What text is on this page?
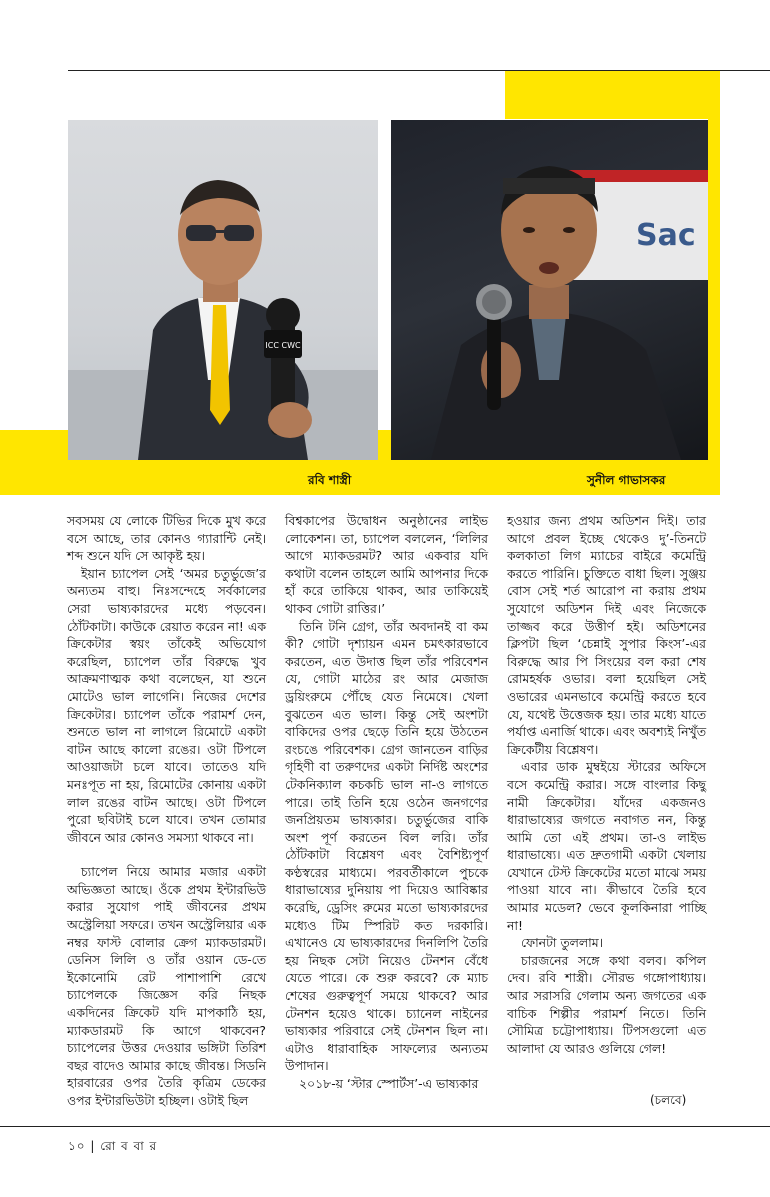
ICC CWC
Sac
রবি শাস্ত্রী	সুনীল গাভাসকর

সবসময় যে লোকে টিভির দিকে মুখ করে বসে আছে, তার কোনও গ্যারান্টি নেই। শব্দ শুনে যদি সে আকৃষ্ট হয়।

ইয়ান চ্যাপেল সেই ‘অমর চতুর্ভুজে’র অন্যতম বাহু। নিঃসন্দেহে সর্বকালের সেরা ভাষ্যকারদের মধ্যে পড়বেন। ঠোঁটকাটা। কাউকে রেয়াত করেন না! এক ক্রিকেটার স্বয়ং তাঁকেই অভিযোগ করেছিল, চ্যাপেল তাঁর বিরুদ্ধে খুব আক্রমণাত্মক কথা বলেছেন, যা শুনে মোটেও ভাল লাগেনি। নিজের দেশের ক্রিকেটার। চ্যাপেল তাঁকে পরামর্শ দেন, শুনতে ভাল না লাগলে রিমোটে একটা বাটন আছে কালো রঙের। ওটা টিপলে আওয়াজটা চলে যাবে। তাতেও যদি মনঃপূত না হয়, রিমোটের কোনায় একটা লাল রঙের বাটন আছে। ওটা টিপলে পুরো ছবিটাই চলে যাবে। তখন তোমার জীবনে আর কোনও সমস্যা থাকবে না।

চ্যাপেল নিয়ে আমার মজার একটা অভিজ্ঞতা আছে। ওঁকে প্রথম ইন্টারভিউ করার সুযোগ পাই জীবনের প্রথম অস্ট্রেলিয়া সফরে। তখন অস্ট্রেলিয়ার এক নম্বর ফাস্ট বোলার ক্রেগ ম্যাকডারমট। ডেনিস লিলি ও তাঁর ওয়ান ডে-তে ইকোনোমি রেট পাশাপাশি রেখে চ্যাপেলকে জিজ্ঞেস করি নিছক একদিনের ক্রিকেট যদি মাপকাঠি হয়, ম্যাকডারমট কি আগে থাকবেন? চ্যাপেলের উত্তর দেওয়ার ভঙ্গিটা তিরিশ বছর বাদেও আমার কাছে জীবন্ত। সিডনি হারবারের ওপর তৈরি কৃত্রিম ডেকের ওপর ইন্টারভিউটা হচ্ছিল। ওটাই ছিল

বিশ্বকাপের উদ্বোধন অনুষ্ঠানের লাইভ লোকেশন। তা, চ্যাপেল বললেন, ‘লিলির আগে ম্যাকডরমট? আর একবার যদি কথাটা বলেন তাহলে আমি আপনার দিকে হাঁ করে তাকিয়ে থাকব, আর তাকিয়েই থাকব গোটা রাত্তির।’

তিনি টনি গ্রেগ, তাঁর অবদানই বা কম কী? গোটা দৃশ্যায়ন এমন চমৎকারভাবে করতেন, এত উদাত্ত ছিল তাঁর পরিবেশন যে, গোটা মাঠের রং আর মেজাজ ড্রয়িংরুমে পৌঁছে যেত নিমেষে। খেলা বুঝতেন এত ভাল। কিন্তু সেই অংশটা বাকিদের ওপর ছেড়ে তিনি হয়ে উঠতেন রংচঙে পরিবেশক। গ্রেগ জানতেন বাড়ির গৃহিণী বা তরুণদের একটা নির্দিষ্ট অংশের টেকনিক্যাল কচকচি ভাল না-ও লাগতে পারে। তাই তিনি হয়ে ওঠেন জনগণের জনপ্রিয়তম ভাষ্যকার। চতুর্ভুজের বাকি অংশ পূর্ণ করতেন বিল লরি। তাঁর ঠোঁটকাটা বিশ্লেষণ এবং বৈশিষ্ট্যপূর্ণ কণ্ঠস্বরের মাধ্যমে। পরবর্তীকালে পুচকে ধারাভাষ্যের দুনিয়ায় পা দিয়েও আবিষ্কার করেছি, ড্রেসিং রুমের মতো ভাষ্যকারদের মধ্যেও টিম স্পিরিট কত দরকারি। এখানেও যে ভাষ্যকারদের দিনলিপি তৈরি হয় নিছক সেটা নিয়েও টেনশন বেঁধে যেতে পারে। কে শুরু করবে? কে ম্যাচ শেষের গুরুত্বপূর্ণ সময়ে থাকবে? আর টেনশন হয়েও থাকে। চ্যানেল নাইনের ভাষ্যকার পরিবারে সেই টেনশন ছিল না। এটাও ধারাবাহিক সাফল্যের অন্যতম উপাদান।

২০১৮-য় ‘স্টার স্পোর্টস’-এ ভাষ্যকার

হওয়ার জন্য প্রথম অডিশন দিই। তার আগে প্রবল ইচ্ছে থেকেও দু’-তিনটে কলকাতা লিগ ম্যাচের বাইরে কমেন্ট্রি করতে পারিনি। চুক্তিতে বাধা ছিল। সুঞ্জয় বোস সেই শর্ত আরোপ না করায় প্রথম সুযোগে অডিশন দিই এবং নিজেকে তাজ্জব করে উত্তীর্ণ হই। অডিশনের ক্লিপটা ছিল ‘চেন্নাই সুপার কিংস’-এর বিরুদ্ধে আর পি সিংয়ের বল করা শেষ রোমহর্ষক ওভার। বলা হয়েছিল সেই ওভারের এমনভাবে কমেন্ট্রি করতে হবে যে, যথেষ্ট উত্তেজক হয়। তার মধ্যে যাতে পর্যাপ্ত এনার্জি থাকে। এবং অবশ্যই নিখুঁত ক্রিকেটীয় বিশ্লেষণ।

এবার ডাক মুম্বইয়ে স্টারের অফিসে বসে কমেন্ট্রি করার। সঙ্গে বাংলার কিছু নামী ক্রিকেটার। যাঁদের একজনও ধারাভাষ্যের জগতে নবাগত নন, কিন্তু আমি তো এই প্রথম। তা-ও লাইভ ধারাভাষ্যে। এত দ্রুতগামী একটা খেলায় যেখানে টেস্ট ক্রিকেটের মতো মাঝে সময় পাওয়া যাবে না। কীভাবে তৈরি হবে আমার মডেল? ভেবে কূলকিনারা পাচ্ছি না!

ফোনটা তুললাম।

চারজনের সঙ্গে কথা বলব। কপিল দেব। রবি শাস্ত্রী। সৌরভ গঙ্গোপাধ্যায়। আর সরাসরি গেলাম অন্য জগতের এক বাচিক শিল্পীর পরামর্শ নিতে। তিনি সৌমিত্র চট্টোপাধ্যায়। টিপসগুলো এত আলাদা যে আরও গুলিয়ে গেল!

(চলবে)
১০ | রো ব বা র
